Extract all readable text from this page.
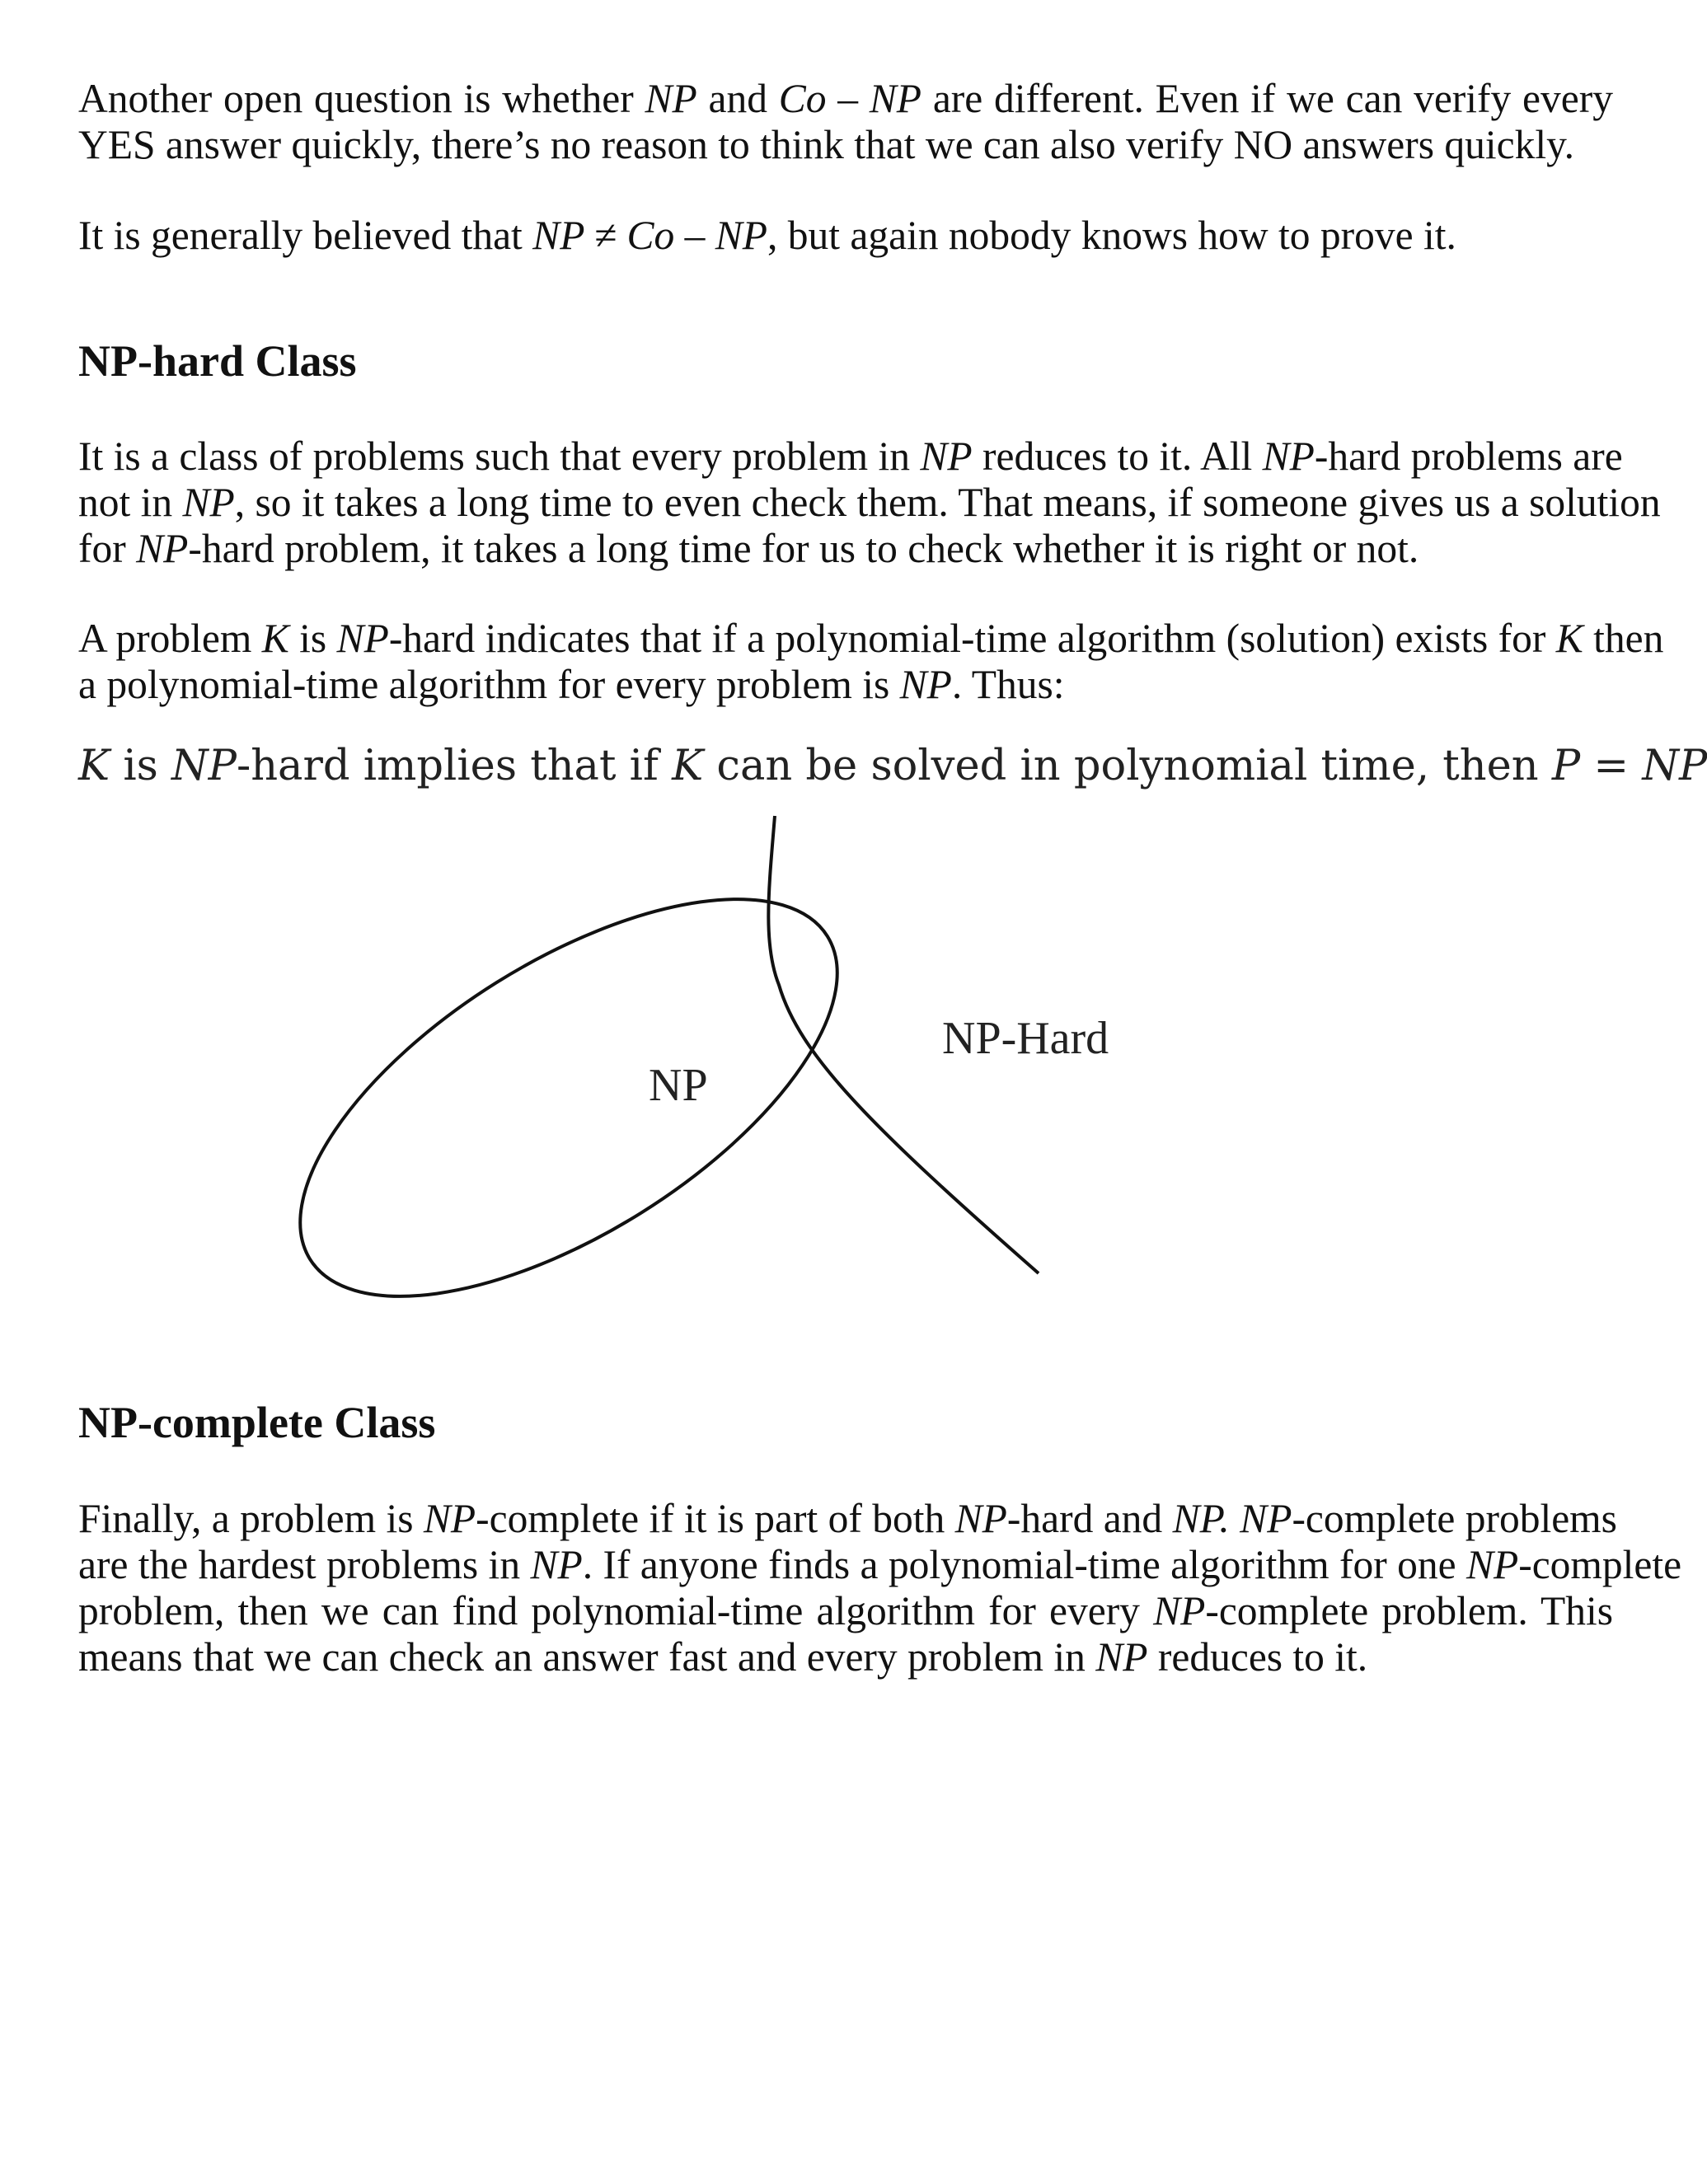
Another open question is whether NP and Co – NP are different. Even if we can verify every
YES answer quickly, there’s no reason to think that we can also verify NO answers quickly.

It is generally believed that NP ≠ Co – NP, but again nobody knows how to prove it.

NP-hard Class

It is a class of problems such that every problem in NP reduces to it. All NP-hard problems are
not in NP, so it takes a long time to even check them. That means, if someone gives us a solution
for NP-hard problem, it takes a long time for us to check whether it is right or not.

A problem K is NP-hard indicates that if a polynomial-time algorithm (solution) exists for K then
a polynomial-time algorithm for every problem is NP. Thus:

K is NP-hard implies that if K can be solved in polynomial time, then P = NP
NP-complete Class

Finally, a problem is NP-complete if it is part of both NP-hard and NP. NP-complete problems
are the hardest problems in NP. If anyone finds a polynomial-time algorithm for one NP-complete
problem, then we can find polynomial-time algorithm for every NP-complete problem. This
means that we can check an answer fast and every problem in NP reduces to it.

NP
NP-Hard
